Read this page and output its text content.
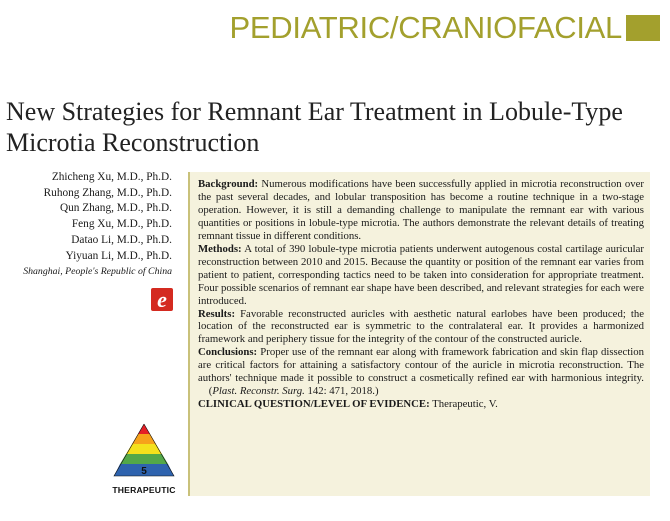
PEDIATRIC/CRANIOFACIAL
New Strategies for Remnant Ear Treatment in Lobule-Type Microtia Reconstruction
Zhicheng Xu, M.D., Ph.D.
Ruhong Zhang, M.D., Ph.D.
Qun Zhang, M.D., Ph.D.
Feng Xu, M.D., Ph.D.
Datao Li, M.D., Ph.D.
Yiyuan Li, M.D., Ph.D.
Shanghai, People's Republic of China
e
5
THERAPEUTIC

Background: Numerous modifications have been successfully applied in microtia reconstruction over the past several decades, and lobular transposition has become a routine technique in a two-stage operation. However, it is still a demanding challenge to manipulate the remnant ear with various quantities or positions in lobule-type microtia. The authors demonstrate the relevant details of treating remnant tissue in different conditions.

Methods: A total of 390 lobule-type microtia patients underwent autogenous costal cartilage auricular reconstruction between 2010 and 2015. Because the quantity or position of the remnant ear varies from patient to patient, corresponding tactics need to be taken into consideration for appropriate treatment. Four possible scenarios of remnant ear shape have been described, and relevant strategies for each were introduced.

Results: Favorable reconstructed auricles with aesthetic natural earlobes have been produced; the location of the reconstructed ear is symmetric to the contralateral ear. It provides a harmonized framework and periphery tissue for the integrity of the contour of the constructed auricle.

Conclusions: Proper use of the remnant ear along with framework fabrication and skin flap dissection are critical factors for attaining a satisfactory contour of the auricle in microtia reconstruction. The authors' technique made it possible to construct a cosmetically refined ear with harmonious integrity.    (Plast. Reconstr. Surg. 142: 471, 2018.)

CLINICAL QUESTION/LEVEL OF EVIDENCE: Therapeutic, V.
